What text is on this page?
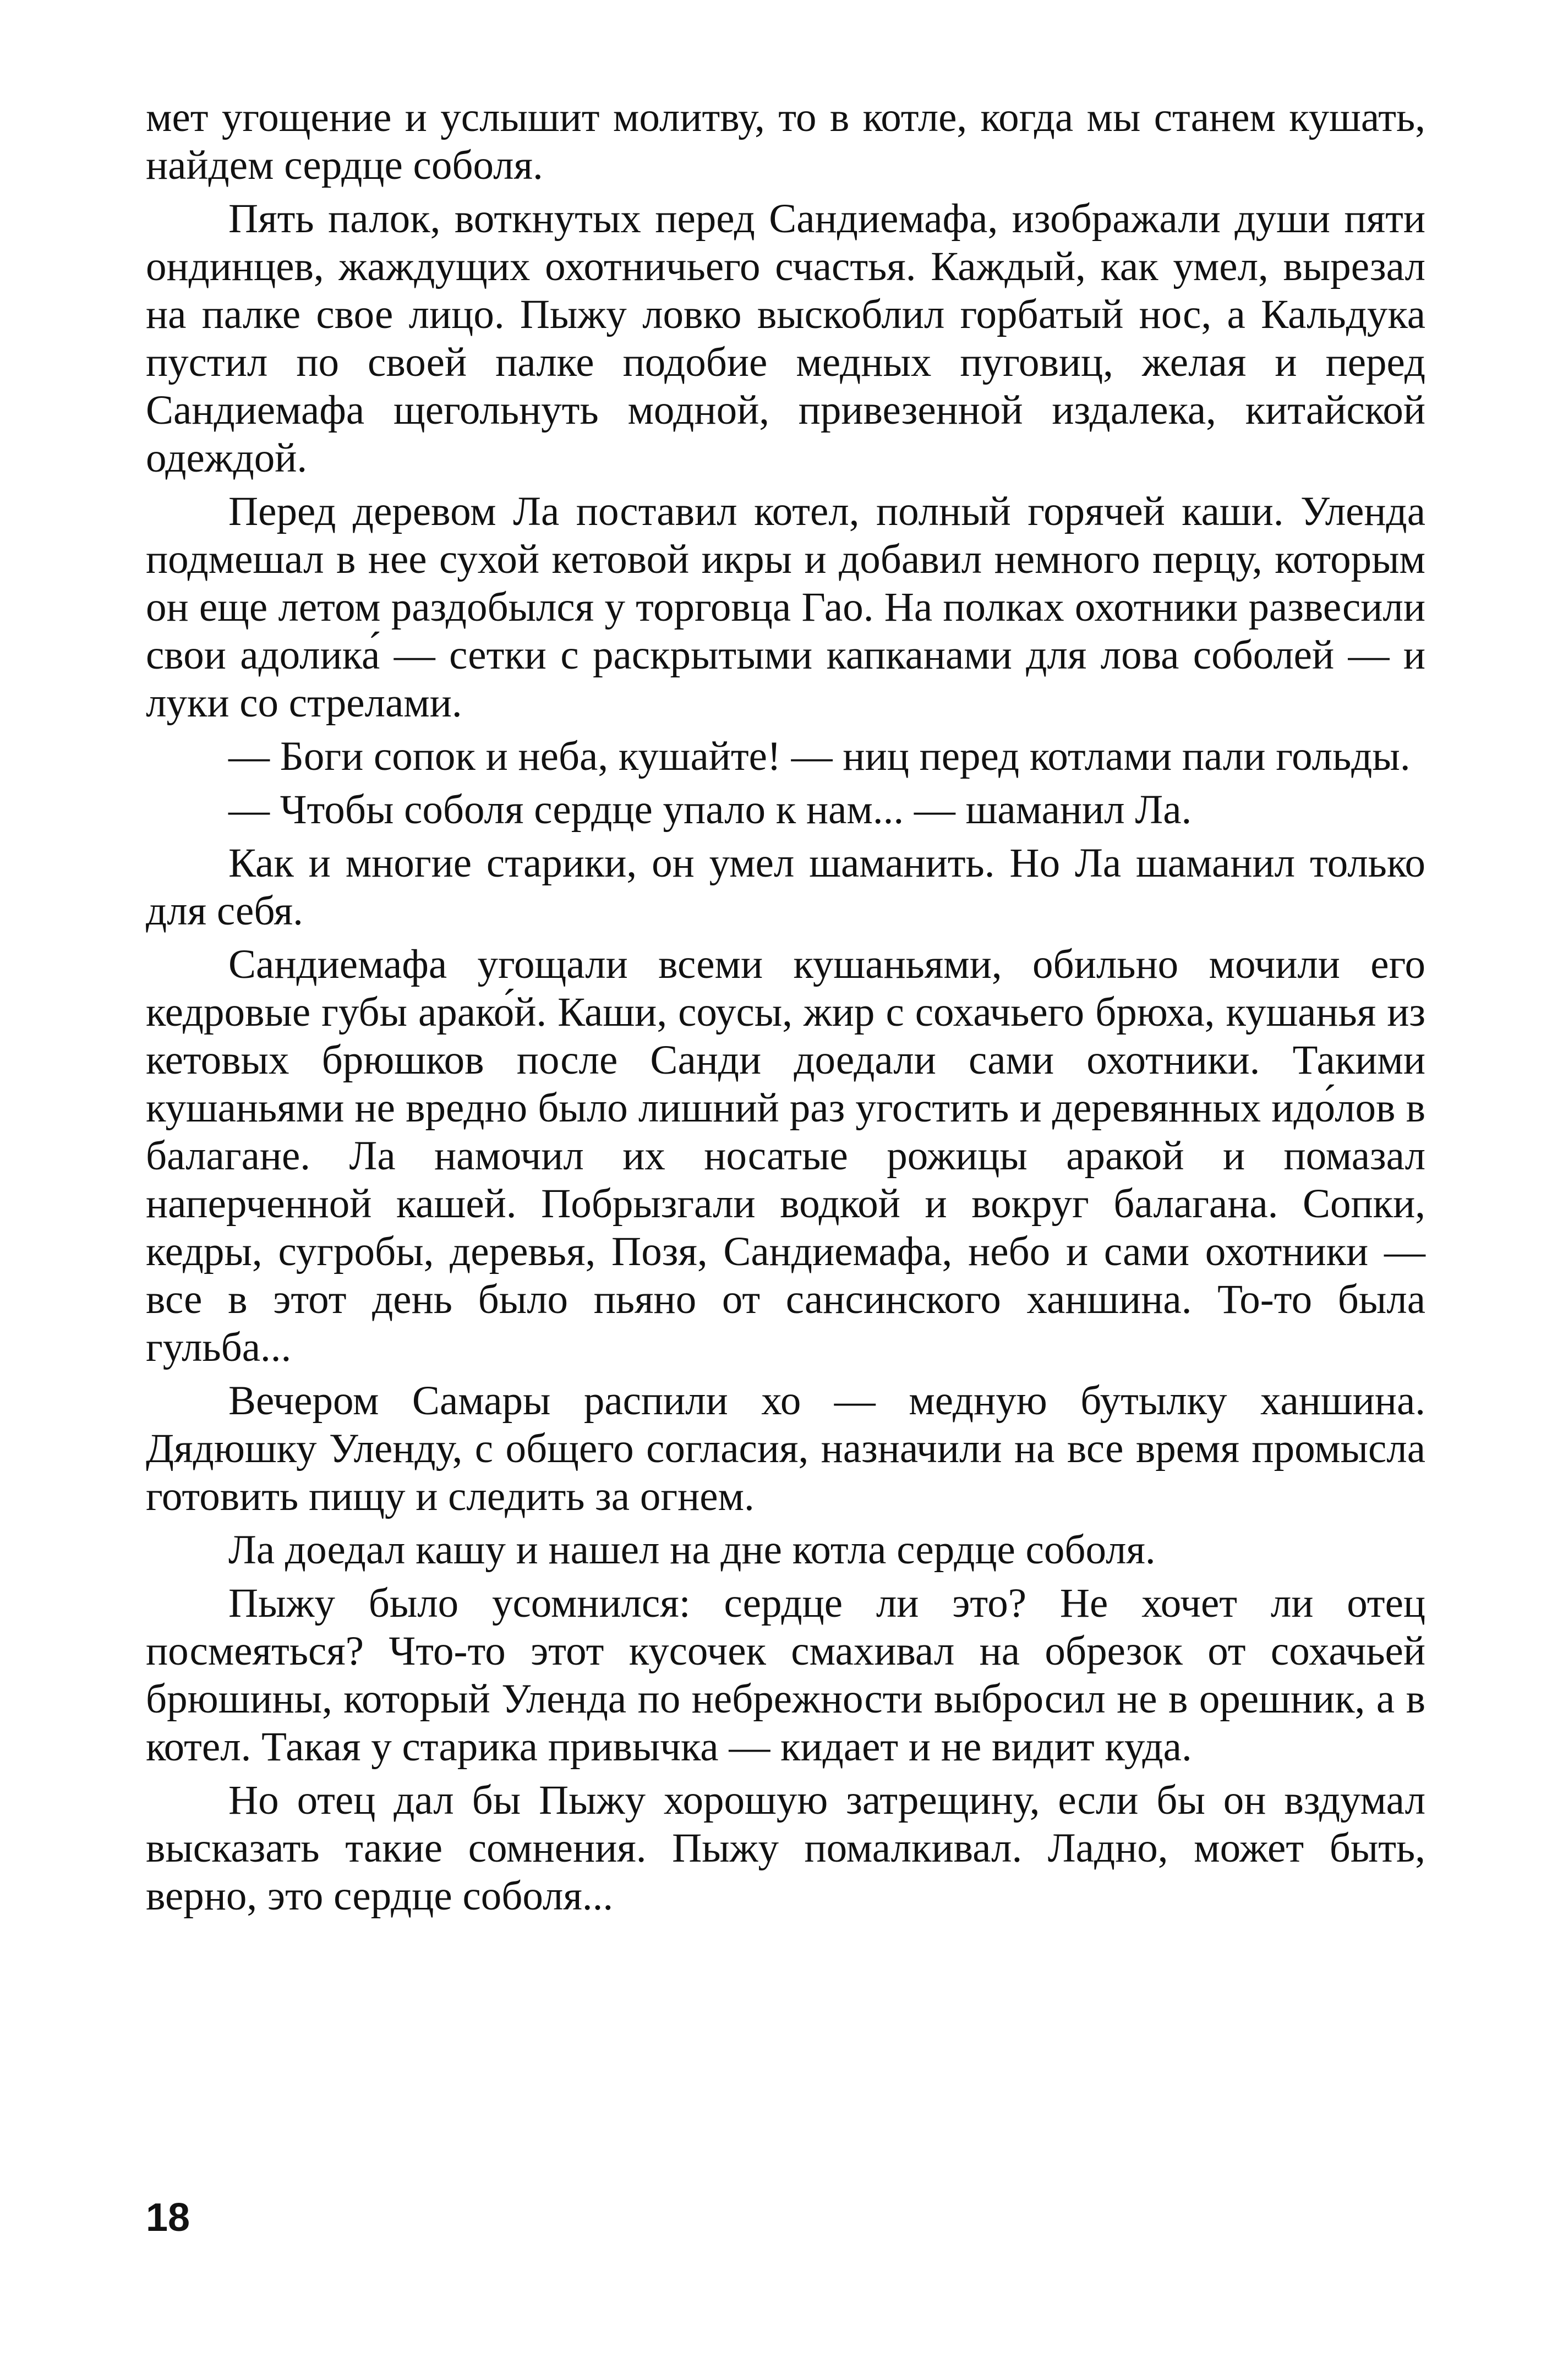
мет угощение и услышит молитву, то в котле, когда мы станем кушать, найдем сердце соболя.

Пять палок, воткнутых перед Сандиемафа, изображали души пяти ондинцев, жаждущих охотничьего счастья. Каждый, как умел, вырезал на палке свое лицо. Пыжу ловко выскоблил горбатый нос, а Кальдука пустил по своей палке подобие медных пуговиц, желая и перед Сандиемафа щегольнуть модной, привезенной издалека, китайской одеждой.

Перед деревом Ла поставил котел, полный горячей каши. Уленда подмешал в нее сухой кетовой икры и добавил немного перцу, которым он еще летом раздобылся у торговца Гао. На полках охотники развесили свои адолика́ — сетки с раскрытыми капканами для лова соболей — и луки со стрелами.

— Боги сопок и неба, кушайте! — ниц перед котлами пали гольды.

— Чтобы соболя сердце упало к нам... — шаманил Ла.

Как и многие старики, он умел шаманить. Но Ла шаманил только для себя.

Сандиемафа угощали всеми кушаньями, обильно мочили его кедровые губы арако́й. Каши, соусы, жир с сохачьего брюха, кушанья из кетовых брюшков после Санди доедали сами охотники. Такими кушаньями не вредно было лишний раз угостить и деревянных идо́лов в балагане. Ла намочил их носатые рожицы аракой и помазал наперченной кашей. Побрызгали водкой и вокруг балагана. Сопки, кедры, сугробы, деревья, Позя, Сандиемафа, небо и сами охотники — все в этот день было пьяно от сансинского ханшина. То-то была гульба...

Вечером Самары распили хо — медную бутылку ханшина. Дядюшку Уленду, с общего согласия, назначили на все время промысла готовить пищу и следить за огнем.

Ла доедал кашу и нашел на дне котла сердце соболя.

Пыжу было усомнился: сердце ли это? Не хочет ли отец посмеяться? Что-то этот кусочек смахивал на обрезок от сохачьей брюшины, который Уленда по небрежности выбросил не в орешник, а в котел. Такая у старика привычка — кидает и не видит куда.

Но отец дал бы Пыжу хорошую затрещину, если бы он вздумал высказать такие сомнения. Пыжу помалкивал. Ладно, может быть, верно, это сердце соболя...

18
